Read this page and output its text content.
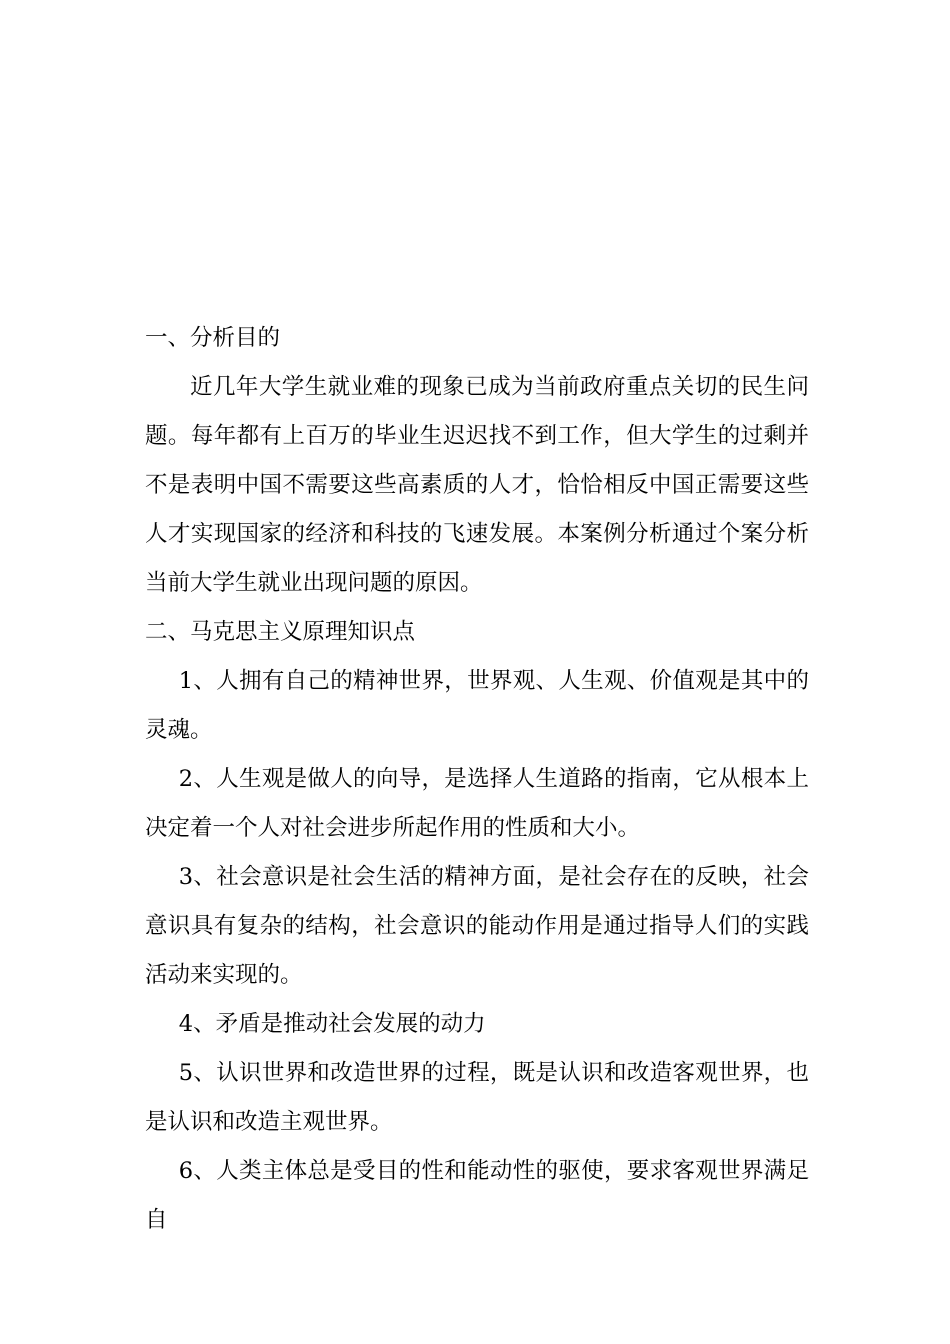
一、分析目的

近几年大学生就业难的现象已成为当前政府重点关切的民生问题。每年都有上百万的毕业生迟迟找不到工作，但大学生的过剩并不是表明中国不需要这些高素质的人才，恰恰相反中国正需要这些人才实现国家的经济和科技的飞速发展。本案例分析通过个案分析当前大学生就业出现问题的原因。

二、马克思主义原理知识点

1、人拥有自己的精神世界，世界观、人生观、价值观是其中的灵魂。

2、人生观是做人的向导，是选择人生道路的指南，它从根本上决定着一个人对社会进步所起作用的性质和大小。

3、社会意识是社会生活的精神方面，是社会存在的反映，社会意识具有复杂的结构，社会意识的能动作用是通过指导人们的实践活动来实现的。

4、矛盾是推动社会发展的动力

5、认识世界和改造世界的过程，既是认识和改造客观世界，也是认识和改造主观世界。

6、人类主体总是受目的性和能动性的驱使，要求客观世界满足自
